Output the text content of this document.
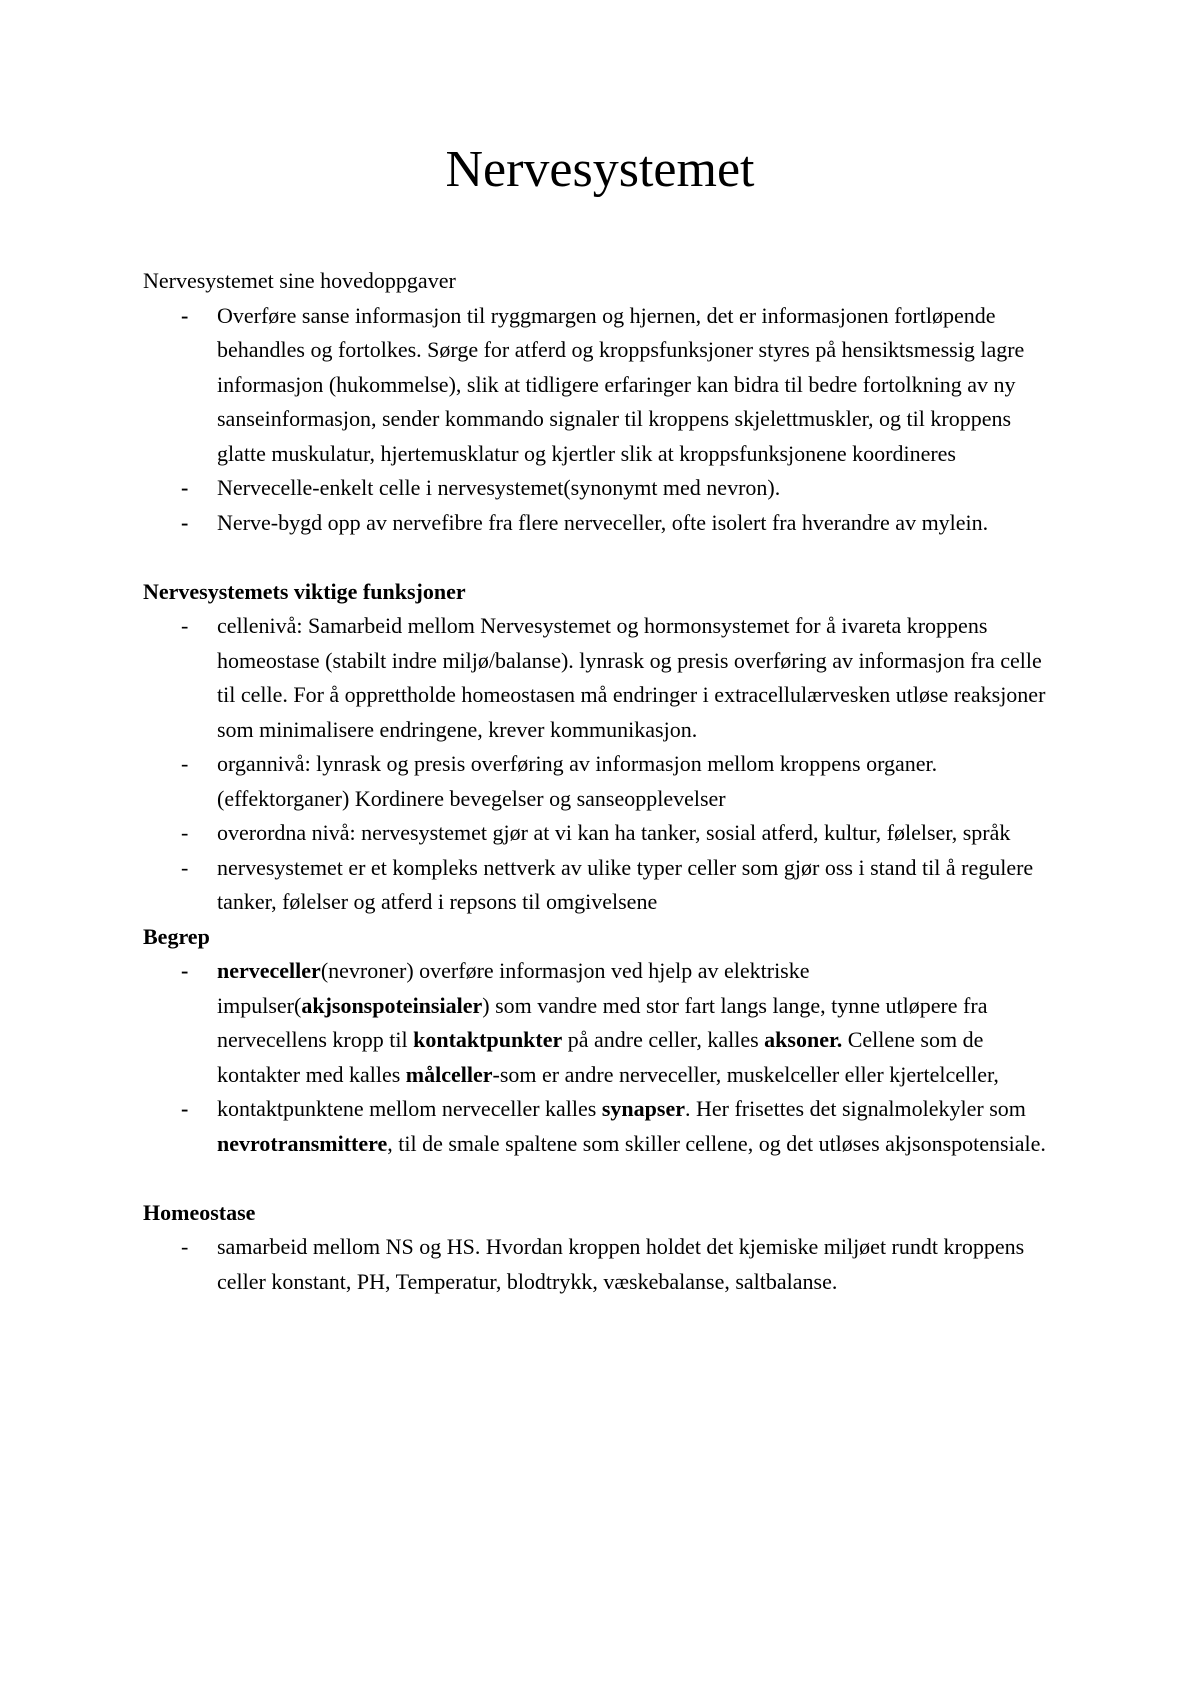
Nervesystemet

Nervesystemet sine hovedoppgaver

- Overføre sanse informasjon til ryggmargen og hjernen, det er informasjonen fortløpende behandles og fortolkes. Sørge for atferd og kroppsfunksjoner styres på hensiktsmessig lagre informasjon (hukommelse), slik at tidligere erfaringer kan bidra til bedre fortolkning av ny sanseinformasjon, sender kommando signaler til kroppens skjelettmuskler, og til kroppens glatte muskulatur, hjertemusklatur og kjertler slik at kroppsfunksjonene koordineres
- Nervecelle-enkelt celle i nervesystemet(synonymt med nevron).
- Nerve-bygd opp av nervefibre fra flere nerveceller, ofte isolert fra hverandre av mylein.

Nervesystemets viktige funksjoner

- cellenivå: Samarbeid mellom Nervesystemet og hormonsystemet for å ivareta kroppens homeostase (stabilt indre miljø/balanse). lynrask og presis overføring av informasjon fra celle til celle. For å opprettholde homeostasen må endringer i extracellulærvesken utløse reaksjoner som minimalisere endringene, krever kommunikasjon.
- organnivå: lynrask og presis overføring av informasjon mellom kroppens organer.(effektorganer) Kordinere bevegelser og sanseopplevelser
- overordna nivå: nervesystemet gjør at vi kan ha tanker, sosial atferd, kultur, følelser, språk
- nervesystemet er et kompleks nettverk av ulike typer celler som gjør oss i stand til å regulere tanker, følelser og atferd i repsons til omgivelsene

Begrep

- nerveceller(nevroner) overføre informasjon ved hjelp av elektriske impulser(akjsonspoteinsialer) som vandre med stor fart langs lange, tynne utløpere fra nervecellens kropp til kontaktpunkter på andre celler, kalles aksoner. Cellene som de kontakter med kalles målceller-som er andre nerveceller, muskelceller eller kjertelceller,
- kontaktpunktene mellom nerveceller kalles synapser. Her frisettes det signalmolekyler som nevrotransmittere, til de smale spaltene som skiller cellene, og det utløses akjsonspotensiale.

Homeostase

- samarbeid mellom NS og HS. Hvordan kroppen holdet det kjemiske miljøet rundt kroppens celler konstant, PH, Temperatur, blodtrykk, væskebalanse, saltbalanse.
